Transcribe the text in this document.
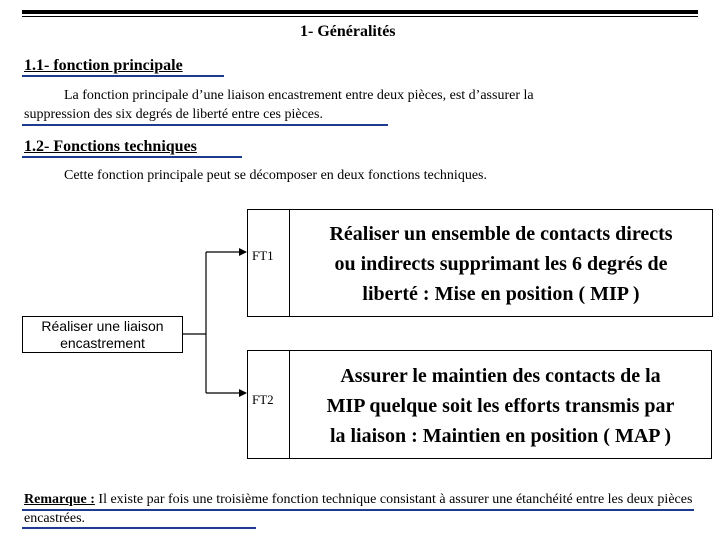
1- Généralités
1.1- fonction principale
La fonction principale d’une liaison encastrement entre deux pièces, est d’assurer la
suppression des six degrés de liberté entre ces pièces.
1.2- Fonctions techniques
Cette fonction principale peut se décomposer en deux fonctions techniques.
Réaliser une liaison
encastrement
FT1
Réaliser un ensemble de contacts directs
ou indirects supprimant les 6 degrés de
liberté : Mise en position ( MIP )
FT2
Assurer le maintien des contacts de la
MIP quelque soit les efforts transmis par
la liaison : Maintien en position ( MAP )
Remarque : Il existe par fois une troisième fonction technique consistant à assurer une étanchéité entre les deux pièces encastrées.
